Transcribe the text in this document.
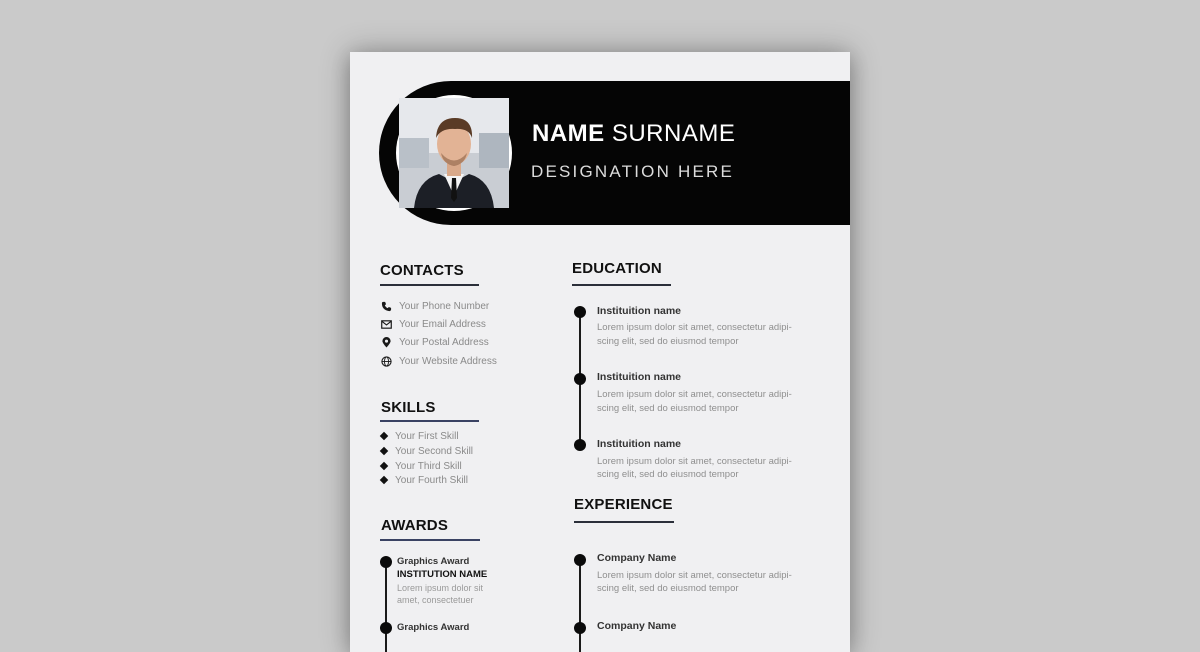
NAME SURNAME
DESIGNATION HERE
CONTACTS
Your Phone Number
Your Email Address
Your Postal Address
Your Website Address
SKILLS
Your First Skill
Your Second Skill
Your Third Skill
Your Fourth Skill
AWARDS
Graphics Award
INSTITUTION NAME
Lorem ipsum dolor sit
amet, consectetuer
Graphics Award
EDUCATION
Instituition name
Lorem ipsum dolor sit amet, consectetur adipi-
scing elit, sed do eiusmod tempor
Instituition name
Lorem ipsum dolor sit amet, consectetur adipi-
scing elit, sed do eiusmod tempor
Instituition name
Lorem ipsum dolor sit amet, consectetur adipi-
scing elit, sed do eiusmod tempor
EXPERIENCE
Company Name
Lorem ipsum dolor sit amet, consectetur adipi-
scing elit, sed do eiusmod tempor
Company Name
